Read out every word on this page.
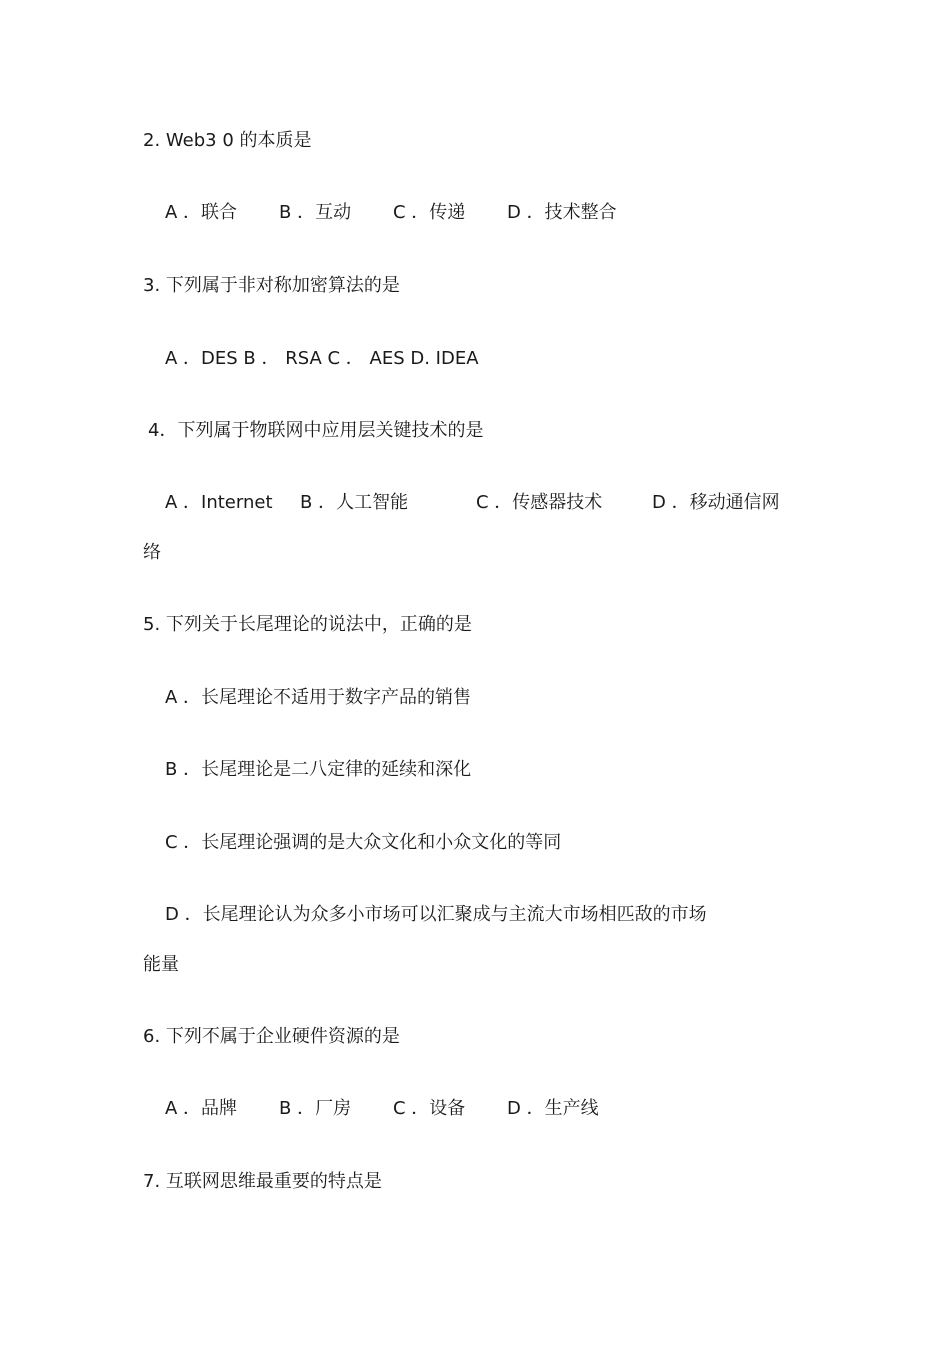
2. Web3 0 的本质是
A ．联合 B ．互动 C ．传递 D ．技术整合
3. 下列属于非对称加密算法的是
A ．DES B ． RSA C ． AES D. IDEA
4．下列属于物联网中应用层关键技术的是
A ．Internet B ．人工智能	C ．传感器技术	D ．移动通信网
络
5. 下列关于长尾理论的说法中，正确的是
A ．长尾理论不适用于数字产品的销售
B ．长尾理论是二八定律的延续和深化
C ．长尾理论强调的是大众文化和小众文化的等同
D ．长尾理论认为众多小市场可以汇聚成与主流大市场相匹敌的市场
能量
6. 下列不属于企业硬件资源的是
A ．品牌 B ．厂房 C ．设备 D ．生产线
7. 互联网思维最重要的特点是
